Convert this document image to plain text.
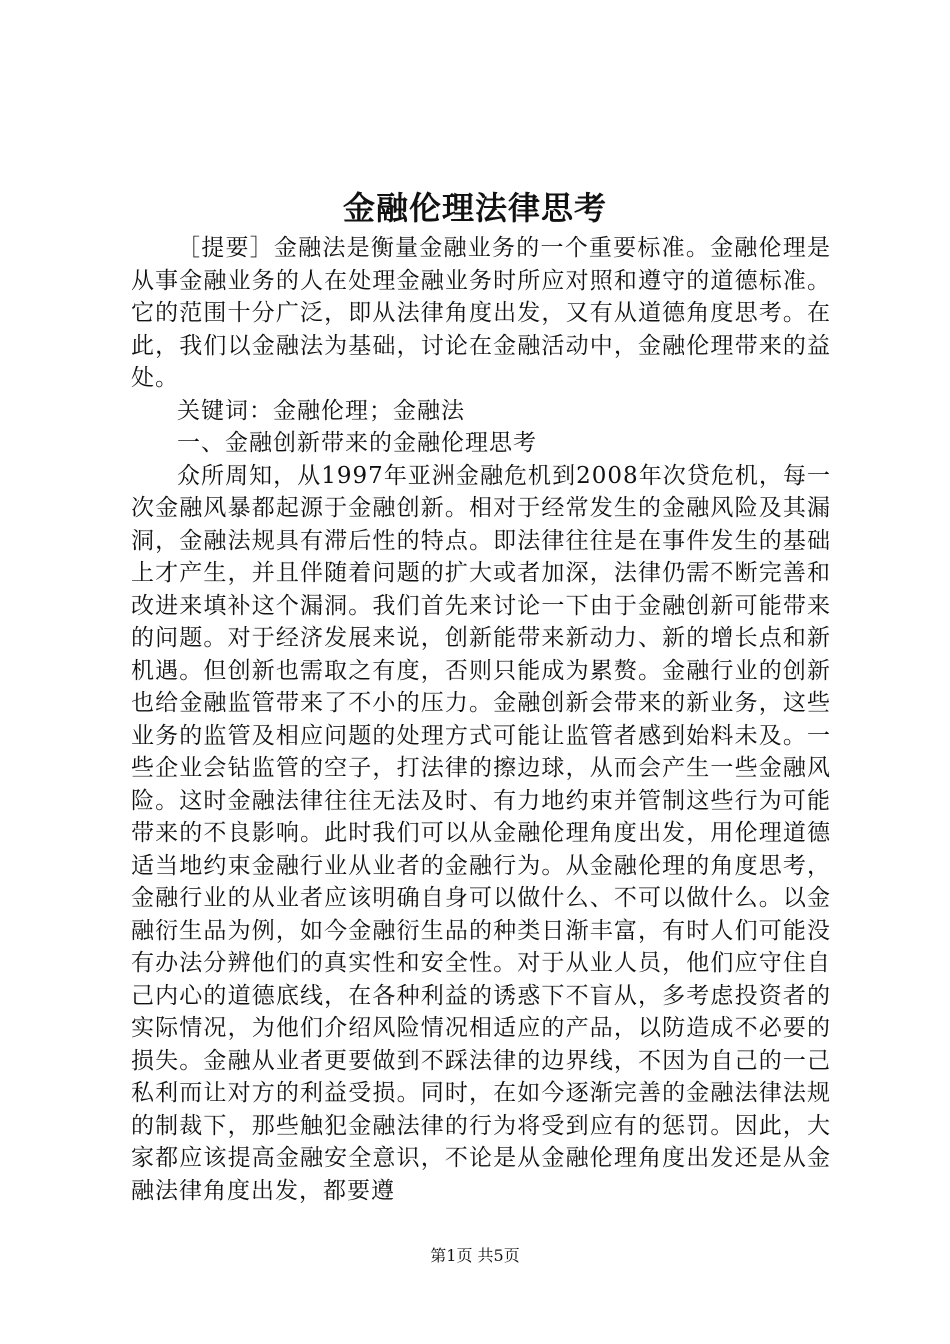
金融伦理法律思考

［提要］金融法是衡量金融业务的一个重要标准。金融伦理是从事金融业务的人在处理金融业务时所应对照和遵守的道德标准。它的范围十分广泛，即从法律角度出发，又有从道德角度思考。在此，我们以金融法为基础，讨论在金融活动中，金融伦理带来的益处。

关键词：金融伦理；金融法

一、金融创新带来的金融伦理思考

众所周知，从1997年亚洲金融危机到2008年次贷危机，每一次金融风暴都起源于金融创新。相对于经常发生的金融风险及其漏洞，金融法规具有滞后性的特点。即法律往往是在事件发生的基础上才产生，并且伴随着问题的扩大或者加深，法律仍需不断完善和改进来填补这个漏洞。我们首先来讨论一下由于金融创新可能带来的问题。对于经济发展来说，创新能带来新动力、新的增长点和新机遇。但创新也需取之有度，否则只能成为累赘。金融行业的创新也给金融监管带来了不小的压力。金融创新会带来的新业务，这些业务的监管及相应问题的处理方式可能让监管者感到始料未及。一些企业会钻监管的空子，打法律的擦边球，从而会产生一些金融风险。这时金融法律往往无法及时、有力地约束并管制这些行为可能带来的不良影响。此时我们可以从金融伦理角度出发，用伦理道德适当地约束金融行业从业者的金融行为。从金融伦理的角度思考，金融行业的从业者应该明确自身可以做什么、不可以做什么。以金融衍生品为例，如今金融衍生品的种类日渐丰富，有时人们可能没有办法分辨他们的真实性和安全性。对于从业人员，他们应守住自己内心的道德底线，在各种利益的诱惑下不盲从，多考虑投资者的实际情况，为他们介绍风险情况相适应的产品，以防造成不必要的损失。金融从业者更要做到不踩法律的边界线，不因为自己的一己私利而让对方的利益受损。同时，在如今逐渐完善的金融法律法规的制裁下，那些触犯金融法律的行为将受到应有的惩罚。因此，大家都应该提高金融安全意识，不论是从金融伦理角度出发还是从金融法律角度出发，都要遵

第1页 共5页
